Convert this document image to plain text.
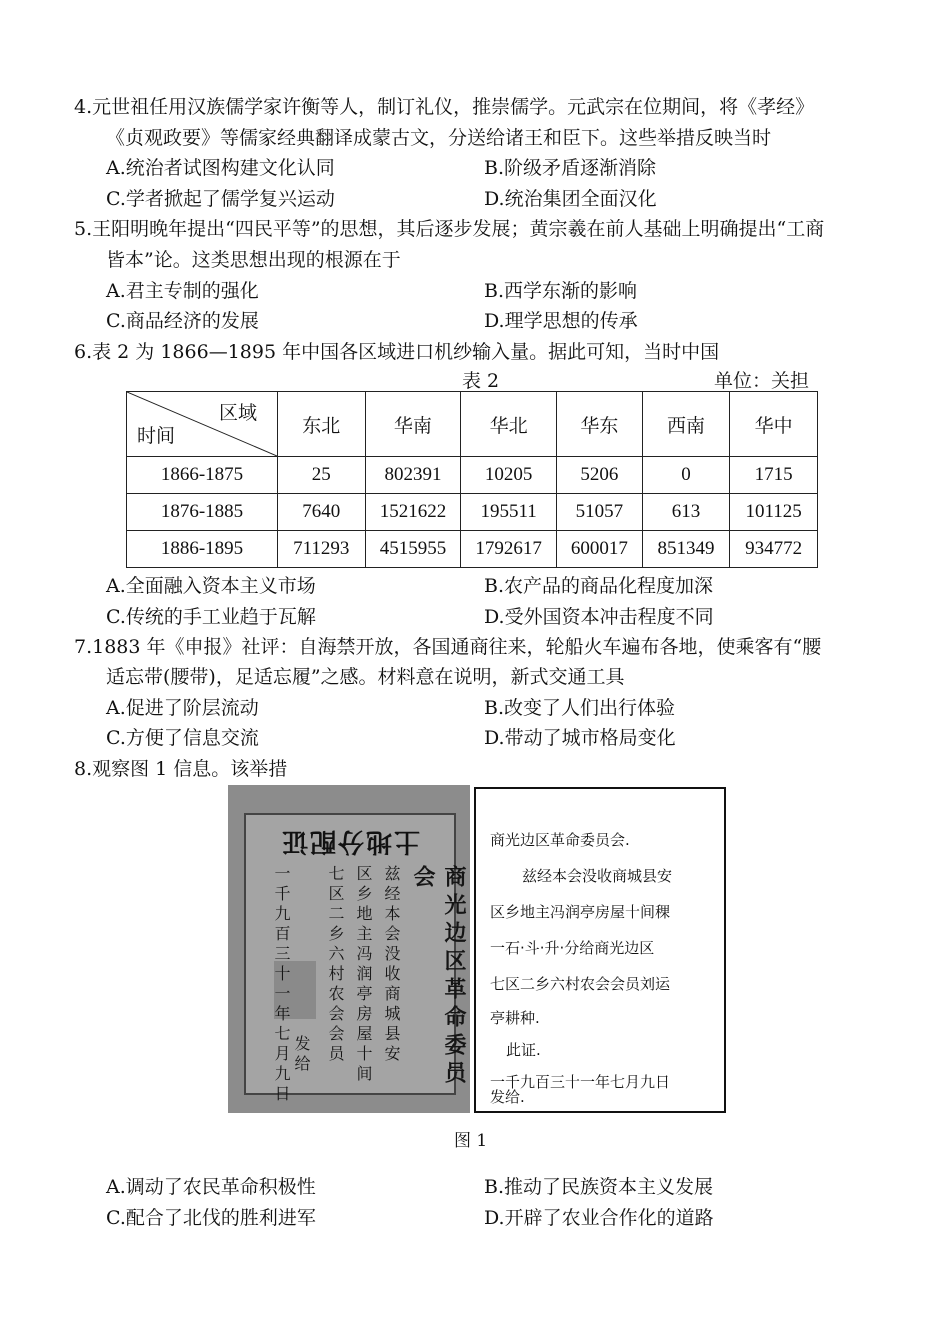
4.元世祖任用汉族儒学家许衡等人，制订礼仪，推崇儒学。元武宗在位期间，将《孝经》
《贞观政要》等儒家经典翻译成蒙古文，分送给诸王和臣下。这些举措反映当时
A.统治者试图构建文化认同	B.阶级矛盾逐渐消除
C.学者掀起了儒学复兴运动	D.统治集团全面汉化
5.王阳明晚年提出“四民平等”的思想，其后逐步发展；黄宗羲在前人基础上明确提出“工商
皆本”论。这类思想出现的根源在于
A.君主专制的强化	B.西学东渐的影响
C.商品经济的发展	D.理学思想的传承
6.表 2 为 1866—1895 年中国各区域进口机纱输入量。据此可知，当时中国
表 2	单位：关担
区域
时间	东北	华南	华北	华东	西南	华中
1866-1875	25	802391	10205	5206	0	1715
1876-1885	7640	1521622	195511	51057	613	101125
1886-1895	711293	4515955	1792617	600017	851349	934772
A.全面融入资本主义市场	B.农产品的商品化程度加深
C.传统的手工业趋于瓦解	D.受外国资本冲击程度不同
7.1883 年《申报》社评：自海禁开放，各国通商往来，轮船火车遍布各地，使乘客有“腰
适忘带(腰带)，足适忘履”之感。材料意在说明，新式交通工具
A.促进了阶层流动	B.改变了人们出行体验
C.方便了信息交流	D.带动了城市格局变化
8.观察图 1 信息。该举措
土地分配证
商光边区革命委员会
兹经本会没收商城县安
区乡地主冯润亭房屋十间
七区二乡六村农会会员
一千九百三十一年七月九日 发给
商光边区革命委员会.
兹经本会没收商城县安
区乡地主冯润亭房屋十间稞
一石·斗·升·分给商光边区
七区二乡六村农会会员刘运
亭耕种.
此证.
一千九百三十一年七月九日
发给.
图 1
A.调动了农民革命积极性	B.推动了民族资本主义发展
C.配合了北伐的胜利进军	D.开辟了农业合作化的道路
